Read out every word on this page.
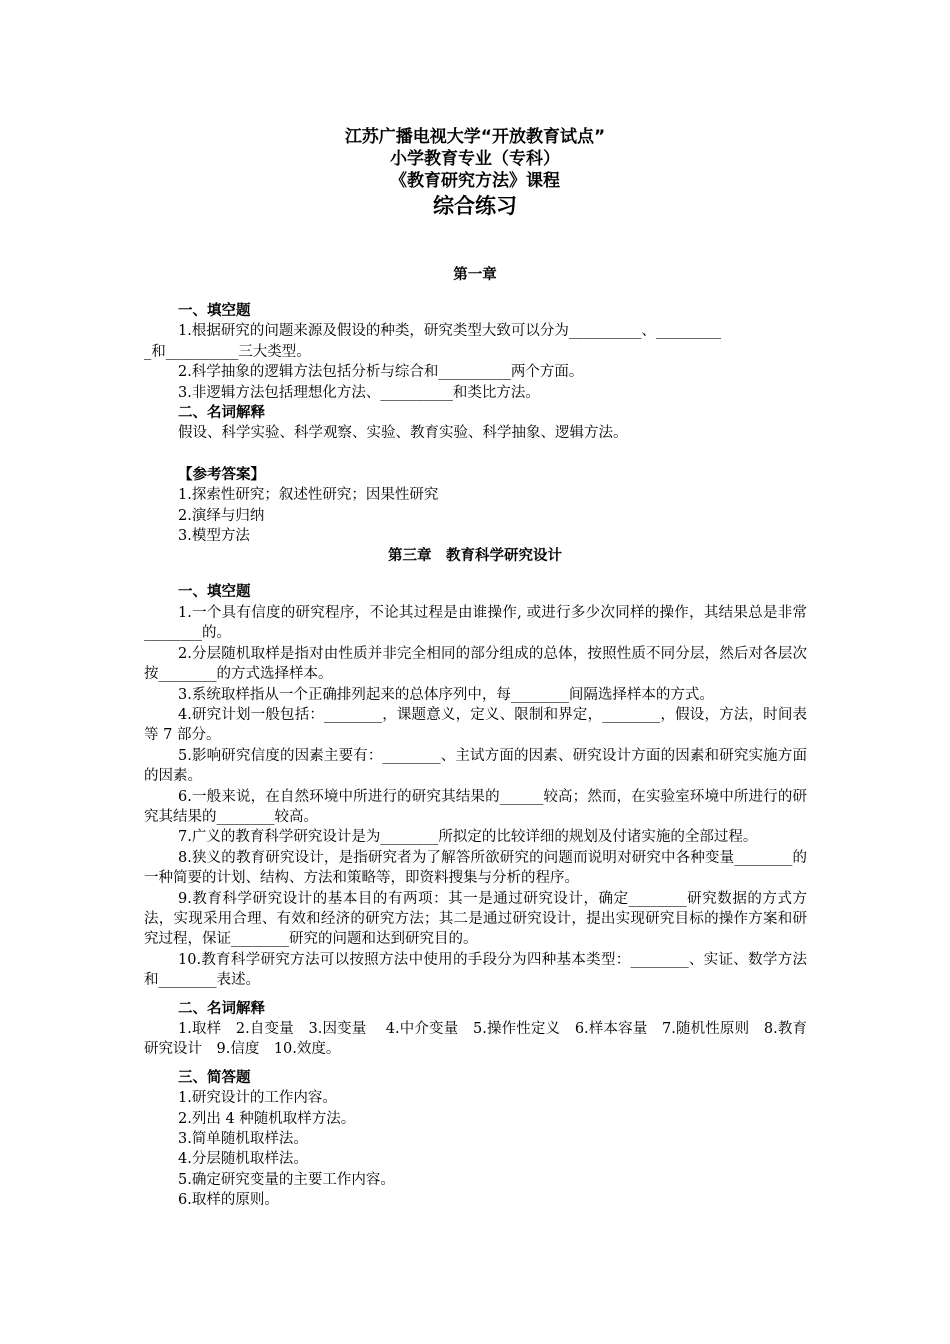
江苏广播电视大学“开放教育试点”
小学教育专业（专科）
《教育研究方法》课程
综合练习
第一章
一、填空题
1.根据研究的问题来源及假设的种类，研究类型大致可以分为__________、_________
_和__________三大类型。
2.科学抽象的逻辑方法包括分析与综合和__________两个方面。
3.非逻辑方法包括理想化方法、__________和类比方法。
二、名词解释
假设、科学实验、科学观察、实验、教育实验、科学抽象、逻辑方法。
【参考答案】
1.探索性研究；叙述性研究；因果性研究
2.演绎与归纳
3.模型方法
第三章　教育科学研究设计
一、填空题
1.一个具有信度的研究程序，不论其过程是由谁操作, 或进行多少次同样的操作，其结果总是非常________的。
2.分层随机取样是指对由性质并非完全相同的部分组成的总体，按照性质不同分层，然后对各层次按________的方式选择样本。
3.系统取样指从一个正确排列起来的总体序列中，每________间隔选择样本的方式。
4.研究计划一般包括：________，课题意义，定义、限制和界定，________，假设，方法，时间表等 7 部分。
5.影响研究信度的因素主要有：________、主试方面的因素、研究设计方面的因素和研究实施方面的因素。
6.一般来说，在自然环境中所进行的研究其结果的______较高；然而，在实验室环境中所进行的研究其结果的________较高。
7.广义的教育科学研究设计是为________所拟定的比较详细的规划及付诸实施的全部过程。
8.狭义的教育研究设计，是指研究者为了解答所欲研究的问题而说明对研究中各种变量________的一种简要的计划、结构、方法和策略等，即资料搜集与分析的程序。
9.教育科学研究设计的基本目的有两项：其一是通过研究设计，确定________研究数据的方式方法，实现采用合理、有效和经济的研究方法；其二是通过研究设计，提出实现研究目标的操作方案和研究过程，保证________研究的问题和达到研究目的。
10.教育科学研究方法可以按照方法中使用的手段分为四种基本类型：________、实证、数学方法和________表述。
二、名词解释
1.取样　2.自变量　3.因变量　 4.中介变量　5.操作性定义　6.样本容量　7.随机性原则　8.教育研究设计　9.信度　10.效度。
三、简答题
1.研究设计的工作内容。
2.列出 4 种随机取样方法。
3.简单随机取样法。
4.分层随机取样法。
5.确定研究变量的主要工作内容。
6.取样的原则。
